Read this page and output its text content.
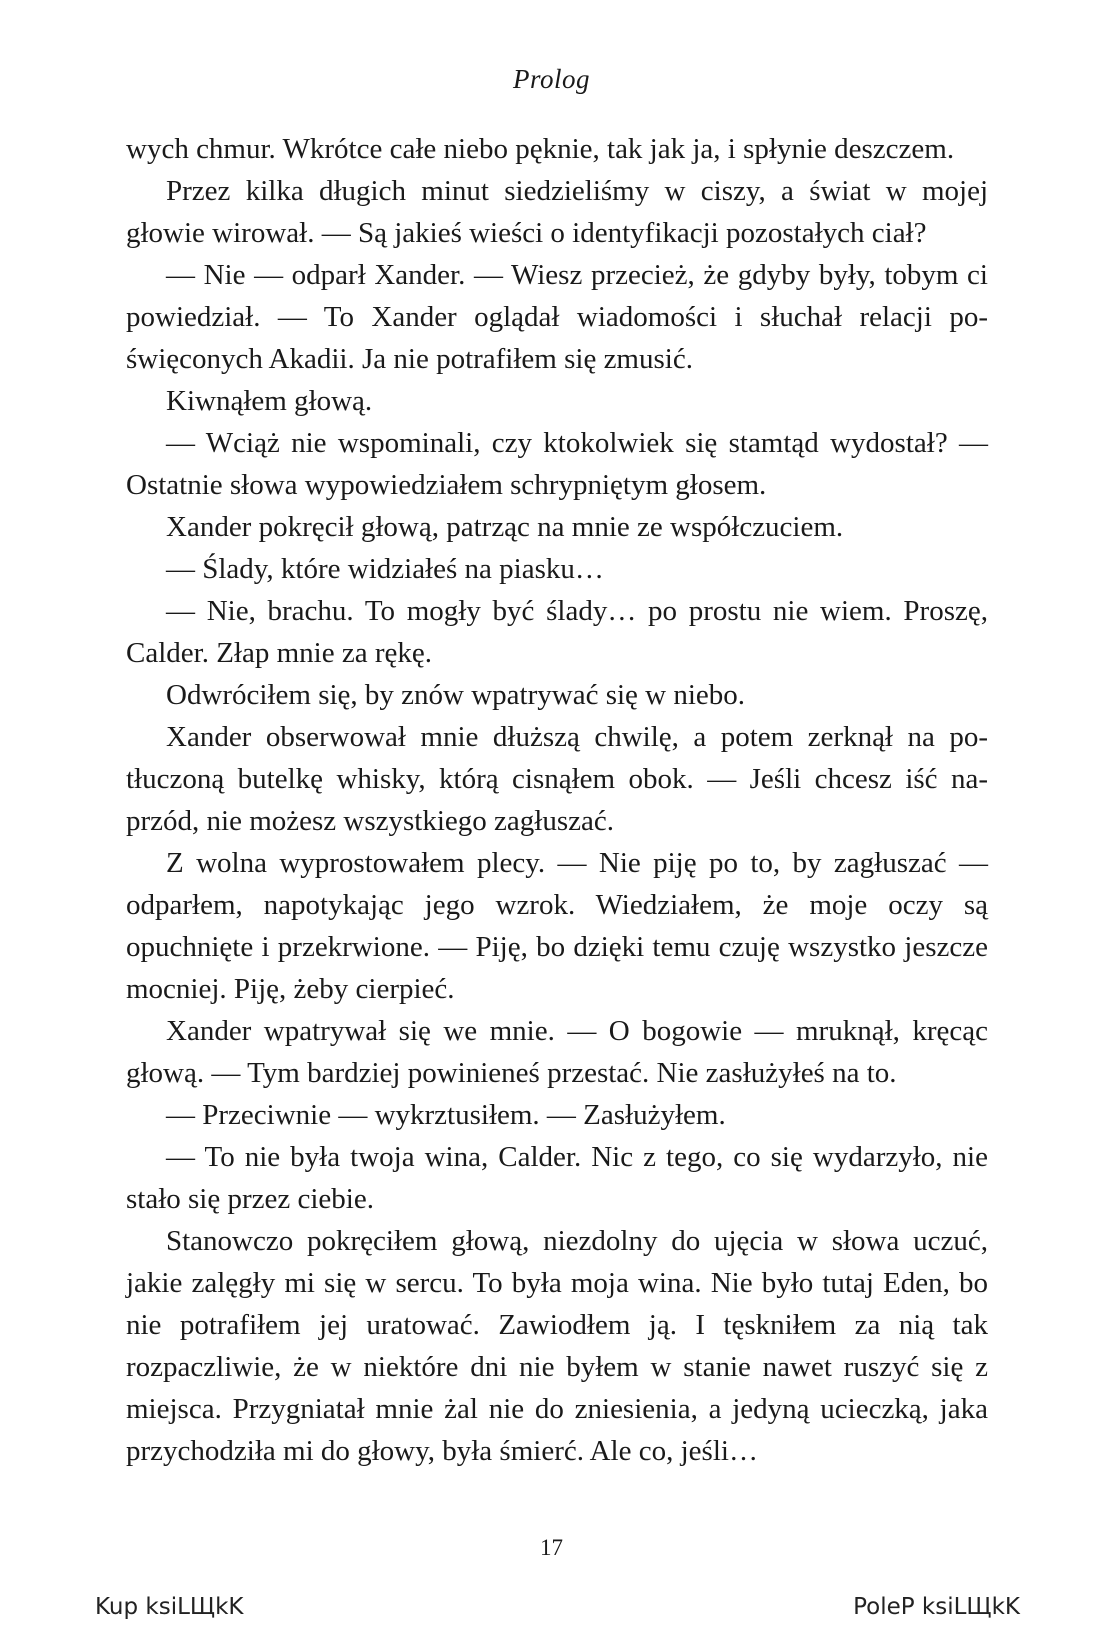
Prolog

wych chmur. Wkrótce całe niebo pęknie, tak jak ja, i spłynie deszczem.

Przez kilka długich minut siedzieliśmy w ciszy, a świat w mojej głowie wirował. — Są jakieś wieści o identyfikacji pozostałych ciał?

— Nie — odparł Xander. — Wiesz przecież, że gdyby były, tobym ci powiedział. — To Xander oglądał wiadomości i słuchał relacji poświęconych Akadii. Ja nie potrafiłem się zmusić.

Kiwnąłem głową.

— Wciąż nie wspominali, czy ktokolwiek się stamtąd wydostał? — Ostatnie słowa wypowiedziałem schrypniętym głosem.

Xander pokręcił głową, patrząc na mnie ze współczuciem.

— Ślady, które widziałeś na piasku…

— Nie, brachu. To mogły być ślady… po prostu nie wiem. Proszę, Calder. Złap mnie za rękę.

Odwróciłem się, by znów wpatrywać się w niebo.

Xander obserwował mnie dłuższą chwilę, a potem zerknął na potłuczoną butelkę whisky, którą cisnąłem obok. — Jeśli chcesz iść naprzód, nie możesz wszystkiego zagłuszać.

Z wolna wyprostowałem plecy. — Nie piję po to, by zagłuszać — odparłem, napotykając jego wzrok. Wiedziałem, że moje oczy są opuchnięte i przekrwione. — Piję, bo dzięki temu czuję wszystko jeszcze mocniej. Piję, żeby cierpieć.

Xander wpatrywał się we mnie. — O bogowie — mruknął, kręcąc głową. — Tym bardziej powinieneś przestać. Nie zasłużyłeś na to.

— Przeciwnie — wykrztusiłem. — Zasłużyłem.

— To nie była twoja wina, Calder. Nic z tego, co się wydarzyło, nie stało się przez ciebie.

Stanowczo pokręciłem głową, niezdolny do ujęcia w słowa uczuć, jakie zalęgły mi się w sercu. To była moja wina. Nie było tutaj Eden, bo nie potrafiłem jej uratować. Zawiodłem ją. I tęskniłem za nią tak rozpaczliwie, że w niektóre dni nie byłem w stanie nawet ruszyć się z miejsca. Przygniatał mnie żal nie do zniesienia, a jedyną ucieczką, jaka przychodziła mi do głowy, była śmierć. Ale co, jeśli…

17
Kup ksiLЩkK	PoleP ksiLЩkK
